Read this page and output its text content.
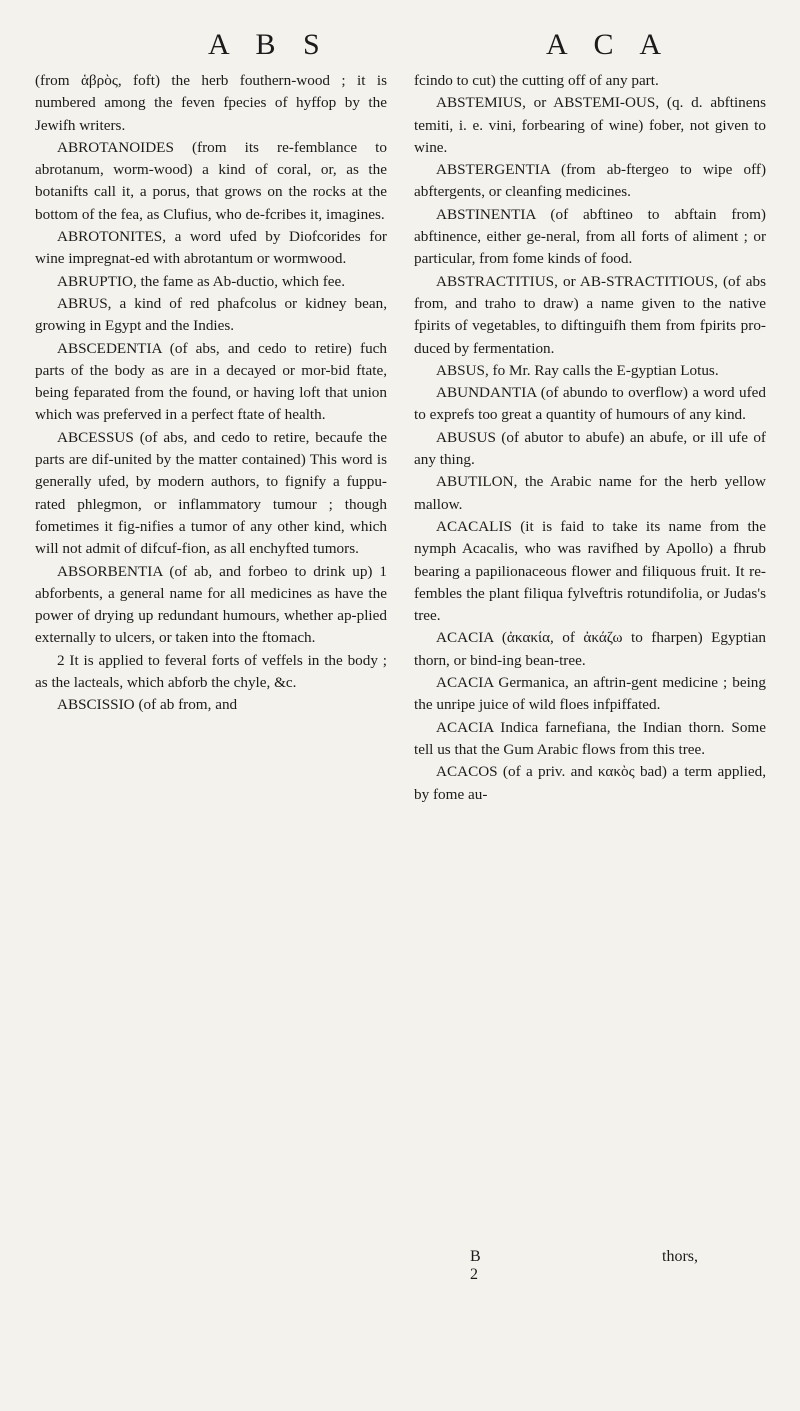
A B S	A C A

(from ἁβρὸς, foft) the herb fouthern-wood ; it is numbered among the feven fpecies of hyffop by the Jewifh writers.

ABROTANOIDES (from its re-femblance to abrotanum, worm-wood) a kind of coral, or, as the botanifts call it, a porus, that grows on the rocks at the bottom of the fea, as Clufius, who de-fcribes it, imagines.

ABROTONITES, a word ufed by Diofcorides for wine impregnat-ed with abrotantum or wormwood.

ABRUPTIO, the fame as Ab-ductio, which fee.

ABRUS, a kind of red phafcolus or kidney bean, growing in Egypt and the Indies.

ABSCEDENTIA (of abs, and cedo to retire) fuch parts of the body as are in a decayed or mor-bid ftate, being feparated from the found, or having loft that union which was preferved in a perfect ftate of health.

ABCESSUS (of abs, and cedo to retire, becaufe the parts are dif-united by the matter contained) This word is generally ufed, by modern authors, to fignify a fuppu-rated phlegmon, or inflammatory tumour ; though fometimes it fig-nifies a tumor of any other kind, which will not admit of difcuf-fion, as all enchyfted tumors.

ABSORBENTIA (of ab, and forbeo to drink up) 1 abforbents, a general name for all medicines as have the power of drying up redundant humours, whether ap-plied externally to ulcers, or taken into the ftomach.

2 It is applied to feveral forts of veffels in the body ; as the lacteals, which abforb the chyle, &c.

ABSCISSIO (of ab from, and

fcindo to cut) the cutting off of any part.

ABSTEMIUS, or ABSTEMI-OUS, (q. d. abftinens temiti, i. e. vini, forbearing of wine) fober, not given to wine.

ABSTERGENTIA (from ab-ftergeo to wipe off) abftergents, or cleanfing medicines.

ABSTINENTIA (of abftineo to abftain from) abftinence, either ge-neral, from all forts of aliment ; or particular, from fome kinds of food.

ABSTRACTITIUS, or AB-STRACTITIOUS, (of abs from, and traho to draw) a name given to the native fpirits of vegetables, to diftinguifh them from fpirits pro-duced by fermentation.

ABSUS, fo Mr. Ray calls the E-gyptian Lotus.

ABUNDANTIA (of abundo to overflow) a word ufed to exprefs too great a quantity of humours of any kind.

ABUSUS (of abutor to abufe) an abufe, or ill ufe of any thing.

ABUTILON, the Arabic name for the herb yellow mallow.

ACACALIS (it is faid to take its name from the nymph Acacalis, who was ravifhed by Apollo) a fhrub bearing a papilionaceous flower and filiquous fruit. It re-fembles the plant filiqua fylveftris rotundifolia, or Judas's tree.

ACACIA (ἀκακία, of ἀκάζω to fharpen) Egyptian thorn, or bind-ing bean-tree.

ACACIA Germanica, an aftrin-gent medicine ; being the unripe juice of wild floes infpiffated.

ACACIA Indica farnefiana, the Indian thorn. Some tell us that the Gum Arabic flows from this tree.

ACACOS (of a priv. and κακὸς bad) a term applied, by fome au-

B 2
thors,
